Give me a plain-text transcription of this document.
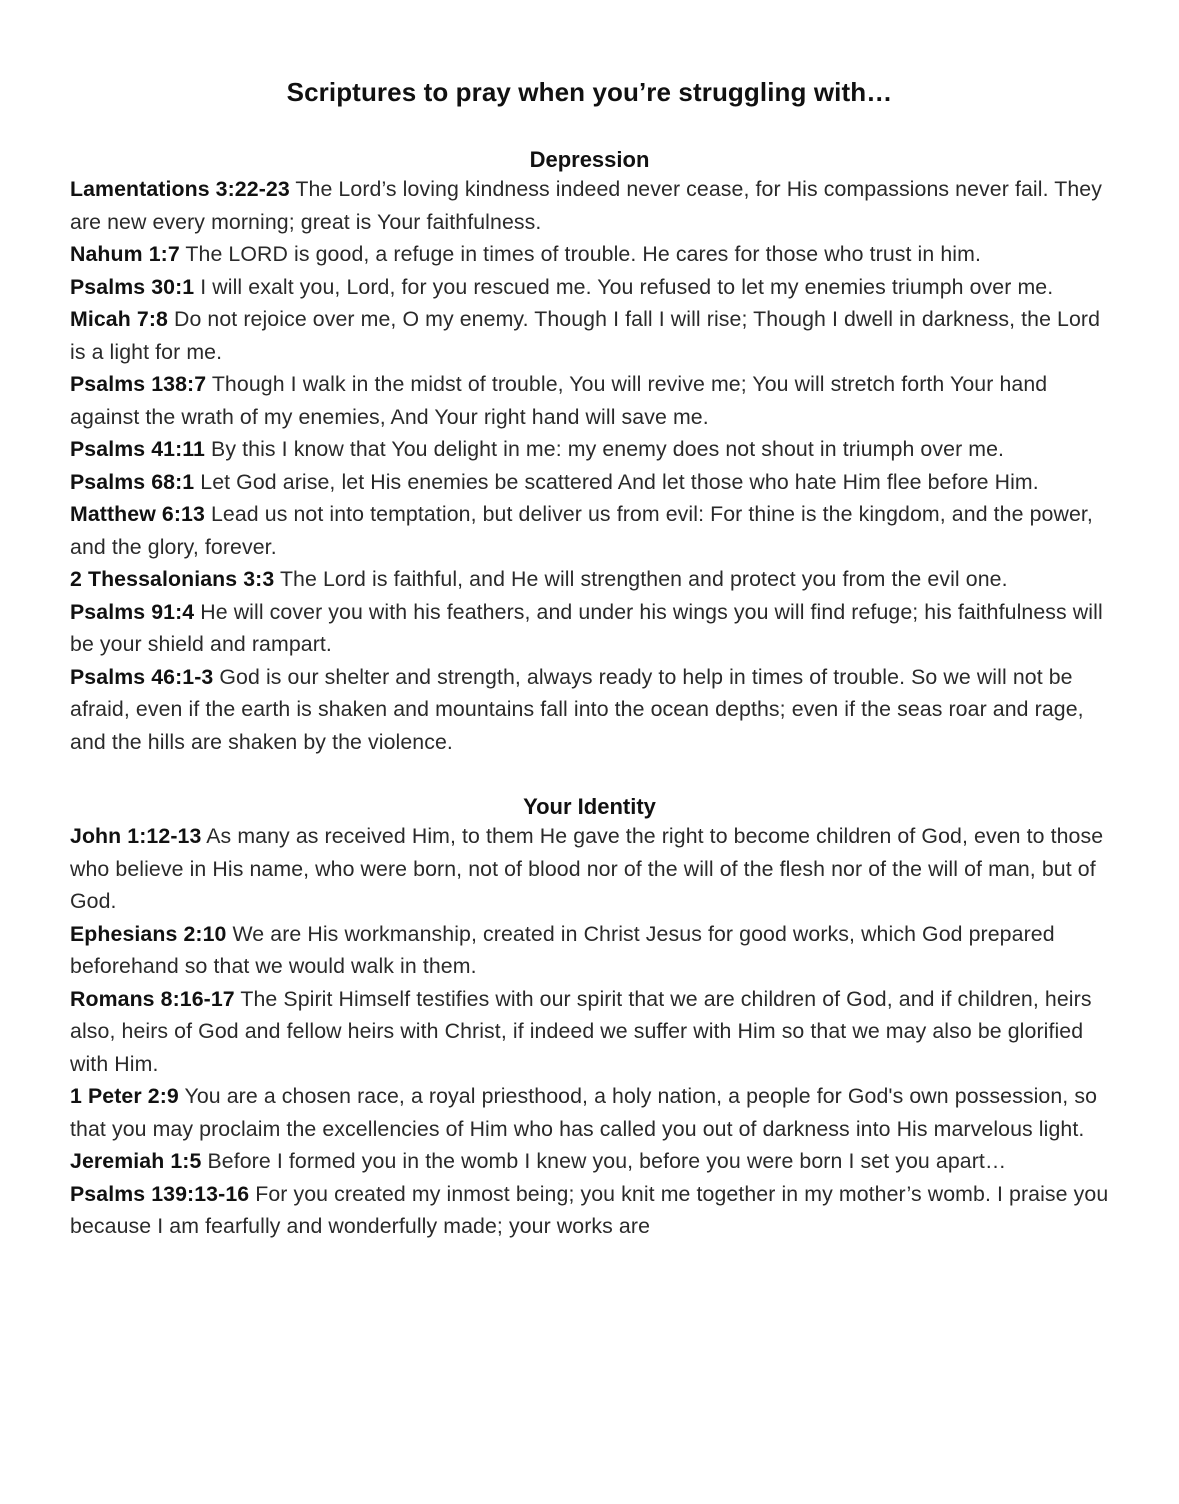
Scriptures to pray when you’re struggling with…
Depression

Lamentations 3:22-23 The Lord’s loving kindness indeed never cease, for His compassions never fail. They are new every morning; great is Your faithfulness.

Nahum 1:7 The LORD is good, a refuge in times of trouble. He cares for those who trust in him.

Psalms 30:1 I will exalt you, Lord, for you rescued me. You refused to let my enemies triumph over me.

Micah 7:8 Do not rejoice over me, O my enemy. Though I fall I will rise; Though I dwell in darkness, the Lord is a light for me.

Psalms 138:7 Though I walk in the midst of trouble, You will revive me; You will stretch forth Your hand against the wrath of my enemies, And Your right hand will save me.

Psalms 41:11 By this I know that You delight in me: my enemy does not shout in triumph over me.

Psalms 68:1 Let God arise, let His enemies be scattered And let those who hate Him flee before Him.

Matthew 6:13 Lead us not into temptation, but deliver us from evil: For thine is the kingdom, and the power, and the glory, forever.

2 Thessalonians 3:3 The Lord is faithful, and He will strengthen and protect you from the evil one.

Psalms 91:4 He will cover you with his feathers, and under his wings you will find refuge; his faithfulness will be your shield and rampart.

Psalms 46:1-3 God is our shelter and strength, always ready to help in times of trouble. So we will not be afraid, even if the earth is shaken and mountains fall into the ocean depths; even if the seas roar and rage, and the hills are shaken by the violence.

Your Identity

John 1:12-13 As many as received Him, to them He gave the right to become children of God, even to those who believe in His name, who were born, not of blood nor of the will of the flesh nor of the will of man, but of God.

Ephesians 2:10 We are His workmanship, created in Christ Jesus for good works, which God prepared beforehand so that we would walk in them.

Romans 8:16-17 The Spirit Himself testifies with our spirit that we are children of God, and if children, heirs also, heirs of God and fellow heirs with Christ, if indeed we suffer with Him so that we may also be glorified with Him.

1 Peter 2:9 You are a chosen race, a royal priesthood, a holy nation, a people for God's own possession, so that you may proclaim the excellencies of Him who has called you out of darkness into His marvelous light.

Jeremiah 1:5 Before I formed you in the womb I knew you, before you were born I set you apart…

Psalms 139:13-16 For you created my inmost being; you knit me together in my mother’s womb. I praise you because I am fearfully and wonderfully made; your works are
